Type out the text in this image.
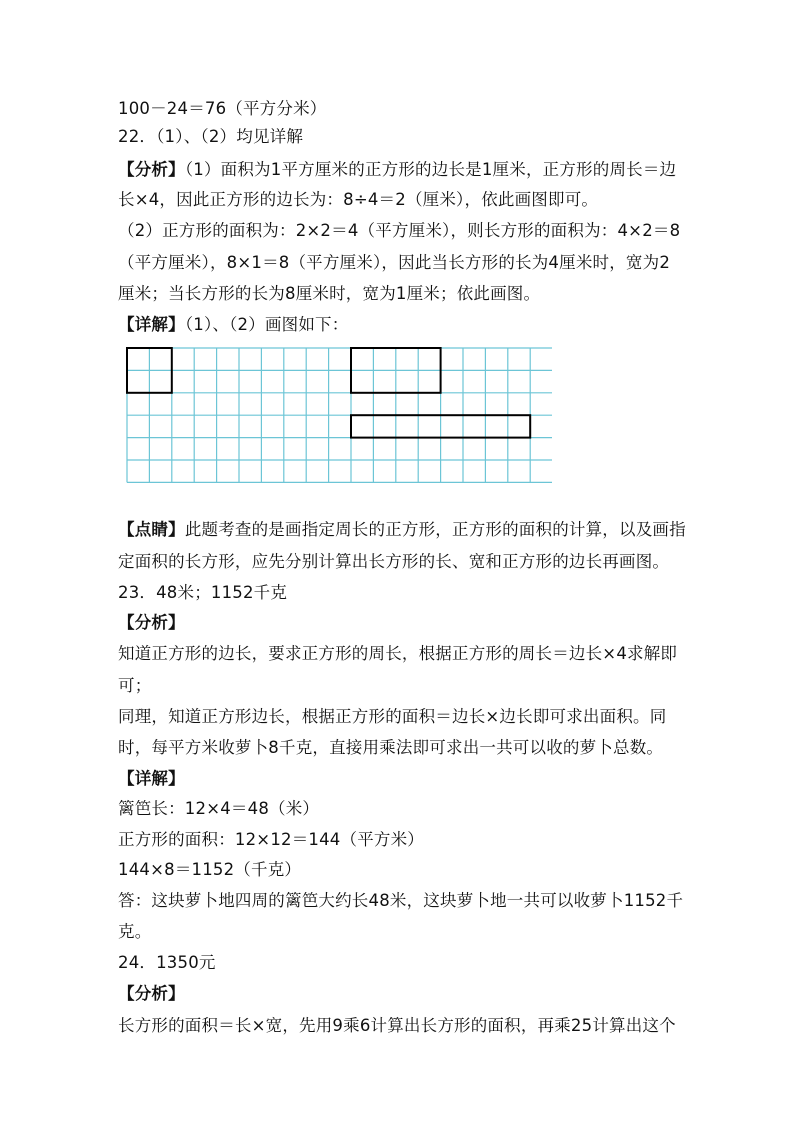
100－24＝76（平方分米）
22．（1）、（2）均见详解
【分析】（1）面积为1平方厘米的正方形的边长是1厘米，正方形的周长＝边
长×4，因此正方形的边长为：8÷4＝2（厘米），依此画图即可。
（2）正方形的面积为：2×2＝4（平方厘米），则长方形的面积为：4×2＝8
（平方厘米），8×1＝8（平方厘米），因此当长方形的长为4厘米时，宽为2
厘米；当长方形的长为8厘米时，宽为1厘米；依此画图。
【详解】（1）、（2）画图如下：
【点睛】此题考查的是画指定周长的正方形，正方形的面积的计算，以及画指
定面积的长方形，应先分别计算出长方形的长、宽和正方形的边长再画图。
23．48米；1152千克
【分析】
知道正方形的边长，要求正方形的周长，根据正方形的周长＝边长×4求解即
可；
同理，知道正方形边长，根据正方形的面积＝边长×边长即可求出面积。同
时，每平方米收萝卜8千克，直接用乘法即可求出一共可以收的萝卜总数。
【详解】
篱笆长：12×4＝48（米）
正方形的面积：12×12＝144（平方米）
144×8＝1152（千克）
答：这块萝卜地四周的篱笆大约长48米，这块萝卜地一共可以收萝卜1152千
克。
24．1350元
【分析】
长方形的面积＝长×宽，先用9乘6计算出长方形的面积，再乘25计算出这个
